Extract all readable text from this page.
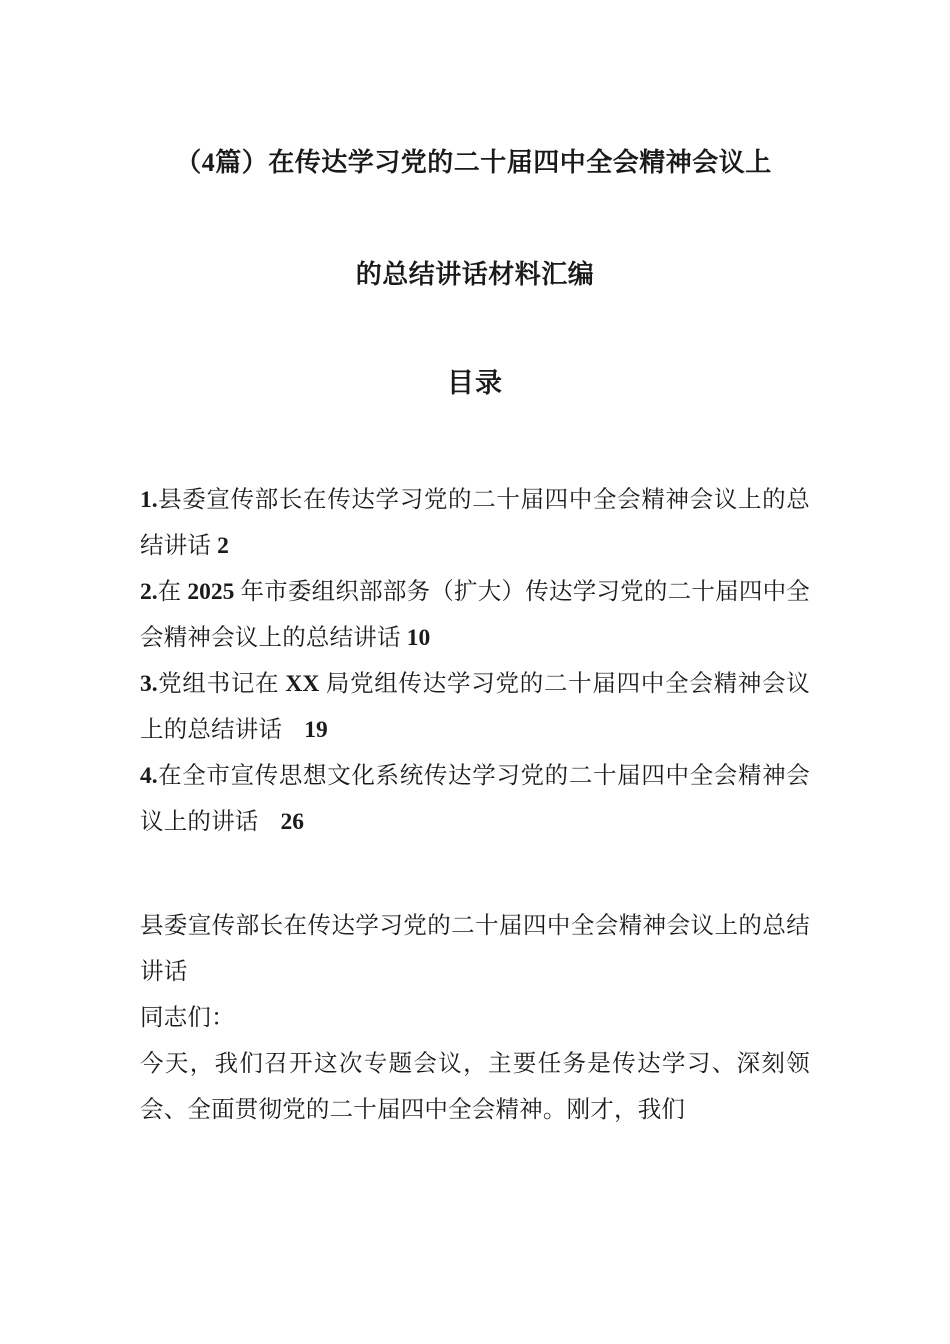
（4篇）在传达学习党的二十届四中全会精神会议上
的总结讲话材料汇编
目录
1.县委宣传部长在传达学习党的二十届四中全会精神会议上的总结讲话 2
2.在 2025 年市委组织部部务（扩大）传达学习党的二十届四中全会精神会议上的总结讲话 10
3.党组书记在 XX 局党组传达学习党的二十届四中全会精神会议上的总结讲话 19
4.在全市宣传思想文化系统传达学习党的二十届四中全会精神会议上的讲话 26

县委宣传部长在传达学习党的二十届四中全会精神会议上的总结讲话

同志们：

今天，我们召开这次专题会议，主要任务是传达学习、深刻领会、全面贯彻党的二十届四中全会精神。刚才，我们
